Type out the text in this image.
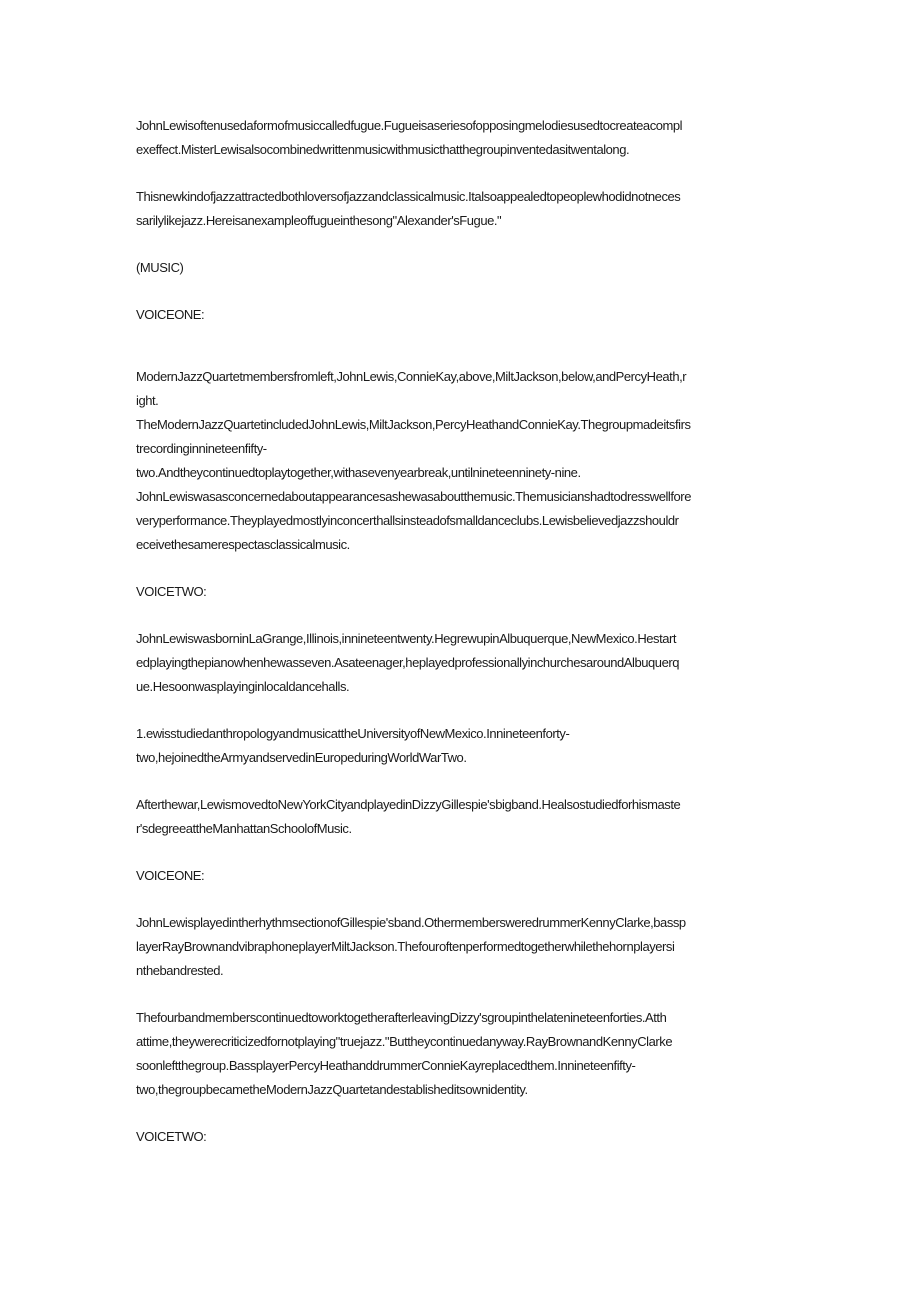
JohnLewisoftenusedaformofmusiccalledfugue.Fugueisaseriesofopposingmelodiesusedtocreateacompl
exeffect.MisterLewisalsocombinedwrittenmusicwithmusicthatthegroupinventedasitwentalong.

Thisnewkindofjazzattractedbothloversofjazzandclassicalmusic.Italsoappealedtopeoplewhodidnotneces
sarilylikejazz.Hereisanexampleoffugueinthesong"Alexander'sFugue."

(MUSIC)

VOICEONE:

ModernJazzQuartetmembersfromleft,JohnLewis,ConnieKay,above,MiltJackson,below,andPercyHeath,r
ight.
TheModernJazzQuartetincludedJohnLewis,MiltJackson,PercyHeathandConnieKay.Thegroupmadeitsfirs
trecordinginnineteenfifty-
two.Andtheycontinuedtoplaytogether,withasevenyearbreak,untilnineteenninety-nine.
JohnLewiswasasconcernedaboutappearancesashewasaboutthemusic.Themusicianshadtodresswellfore
veryperformance.Theyplayedmostlyinconcerthallsinsteadofsmalldanceclubs.Lewisbelievedjazzshouldr
eceivethesamerespectasclassicalmusic.

VOICETWO:

JohnLewiswasborninLaGrange,Illinois,innineteentwenty.HegrewupinAlbuquerque,NewMexico.Hestart
edplayingthepianowhenhewasseven.Asateenager,heplayedprofessionallyinchurchesaroundAlbuquerq
ue.Hesoonwasplayinginlocaldancehalls.

1.ewisstudiedanthropologyandmusicattheUniversityofNewMexico.Innineteenforty-
two,hejoinedtheArmyandservedinEuropeduringWorldWarTwo.

Afterthewar,LewismovedtoNewYorkCityandplayedinDizzyGillespie'sbigband.Healsostudiedforhismaste
r'sdegreeattheManhattanSchoolofMusic.

VOICEONE:

JohnLewisplayedintherhythmsectionofGillespie'sband.OthermembersweredrummerKennyClarke,bassp
layerRayBrownandvibraphoneplayerMiltJackson.Thefouroftenperformedtogetherwhilethehornplayersi
nthebandrested.

ThefourbandmemberscontinuedtoworktogetherafterleavingDizzy'sgroupinthelatenineteenforties.Atth
attime,theywerecriticizedfornotplaying"truejazz."Buttheycontinuedanyway.RayBrownandKennyClarke
soonleftthegroup.BassplayerPercyHeathanddrummerConnieKayreplacedthem.Innineteenfifty-
two,thegroupbecametheModernJazzQuartetandestablisheditsownidentity.

VOICETWO:
